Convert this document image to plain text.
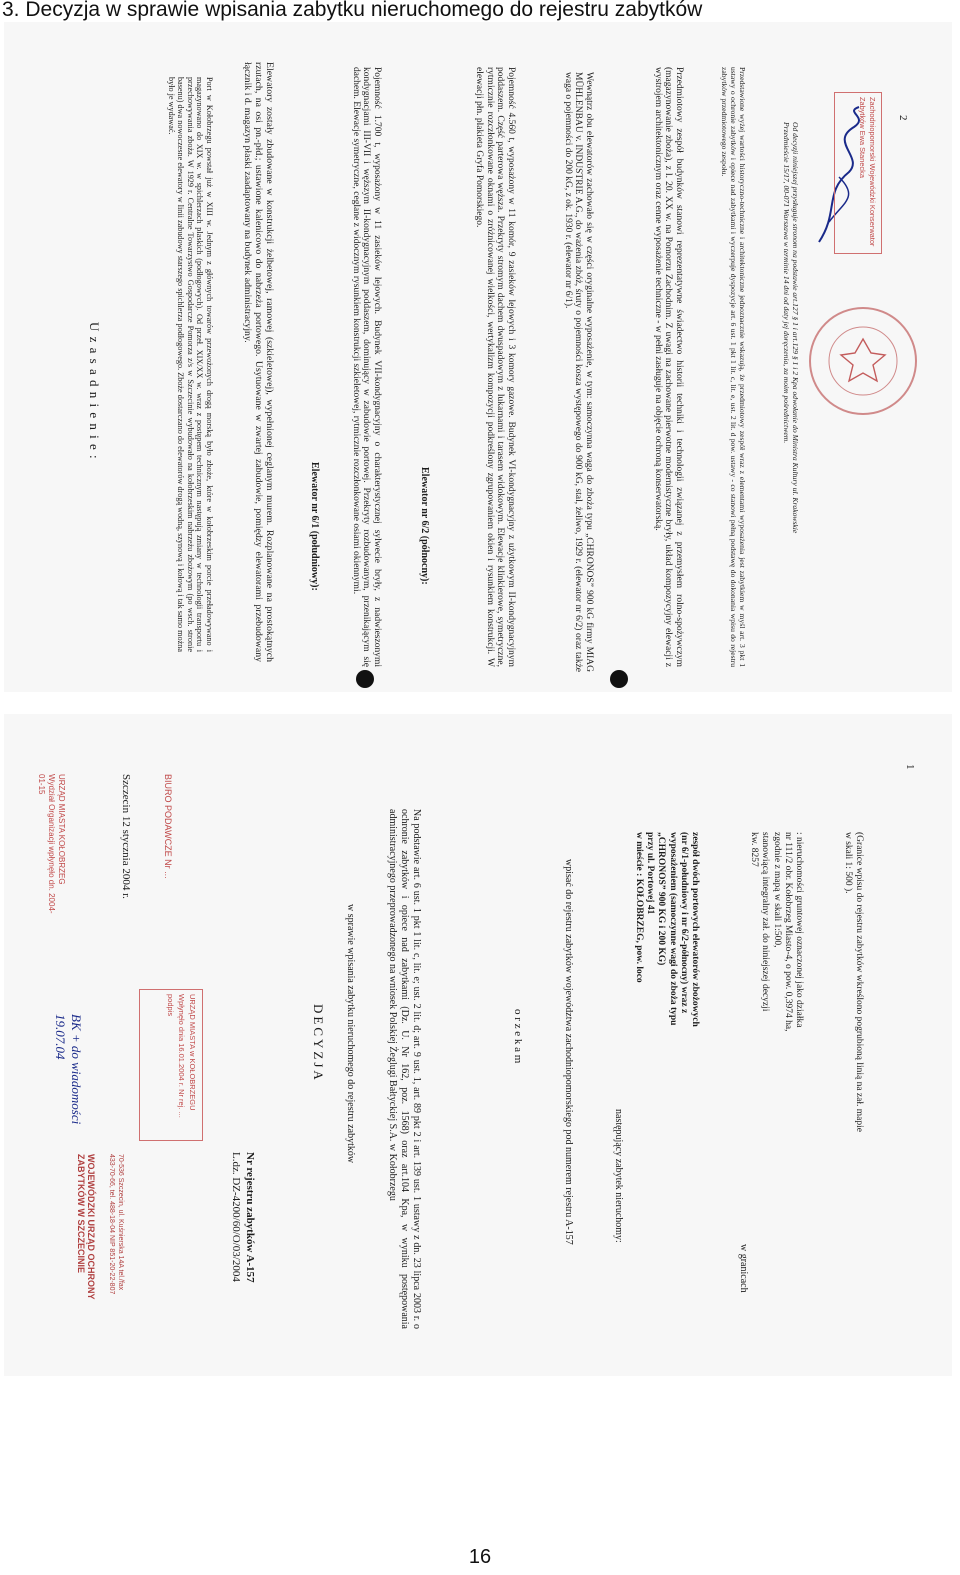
3. Decyzja w sprawie wpisania zabytku nieruchomego do rejestru zabytków
U z a s a d n i e n i e :	Port w Kołobrzegu powstał już w XIII w. Jednym z głównych towarów przewożonych drogą morską było zboże, które w kołobrzeskim porcie przeładowywano i magazynowano do XIX w. w spichlerzach plaskich (podłogowych). Od przeł. XIX/XX w. wraz z postępem technicznym następują zmiany w technologii transportu i przechowywania zboża. W 1929 r. Centralne Towarzystwo Gospodarcze Pomorza z/s w Szczecinie wybudowało na kołobrzeskim nabrzeżu zbożowym (po wsch. stronie basenu) dwa nowoczesne elewatory w linii zabudowy starszego spichlerza podłogowego. Zboże dostarczano do elewatorów drogą wodną, szynową i kołową i tak samo można było je wydawać.	Elewatory zostały zbudowane w konstrukcji żelbetowej, ramowej (szkieletowej), wypełnionej ceglanym murem. Rozplanowane na prostokątnych rzutach, na osi pn.-płd.; ustawione kalenicowo do nabrzeża portowego. Usytuowane w zwartej zabudowie, pomiędzy elewatorami przebudowany łącznik i d. magazyn płaski zaadaptowany na budynek administracyjny.
Elewator nr 6/1 (południowy):	Pojemność 1.700 t, wyposażony w 11 zasieków lejowych. Budynek VII-kondygnacyjny o charakterystycznej sylwecie bryły, z nadwieszonymi kondygnacjami III-VII i węższym II-kondygnacyjnym poddaszem, dominujący w zabudowie portowej. Przekryty rozbudowanym, przenikającym się dachem. Elewacje symetryczne, ceglane z widocznym rysunkiem konstrukcji szkieletowej, rytmicznie rozczłonkowane osiami okiennymi.	Elewator nr 6/2 (północny):	Pojemność 4.560 t, wyposażony w 11 komór, 9 zasieków lejowych i 3 komory gazowe. Budynek VI-kondygnacyjny z użytkowym II-kondygnacyjnym poddaszem. Część parterowa węższa. Przekryty stromym dachem dwuspadowym z lukarnami i tarasem widokowym. Elewacje klinkierowe, symetryczne, rytmicznie rozczłonkowane oknami o zróżnicowanej wielkości, wertykalizm kompozycji podkreślony zgrupowaniem okien i rysunkiem konstrukcji. W elewacji płn. plakieta Gryfa Pomorskiego.	Wewnątrz obu elewatorów zachowało się w części oryginalne wyposażenie, w tym: samoczynna waga do zboża typu „CHRONOS” 900 kG firmy MIAG MÜHLENBAU v. INDUSTRIE A.G., do ważenia zbóż, śruty o pojemności kosza występowego do 900 kG, stal, żeliwo, 1929 r. (elewator nr 6/2) oraz także waga o pojemności do 200 kG, z ok. 1930 r. (elewator nr 6/1).	Przedmiotowy zespół budynków stanowi reprezentatywne świadectwo historii techniki i technologii związanej z przemysłem rolno-spożywczym (magazynowanie zboża), z l. 20. XX w. na Pomorzu Zachodnim. Z uwagi na zachowane pierwotne modernistyczne bryły, układ kompozycyjny elewacji z wystrojem architektonicznym oraz cenne wyposażenie techniczne - w pełni zasługuje na objęcie ochroną konserwatorską.	Przedstawione wyżej wartości historyczno-techniczne i architektoniczne jednoznacznie wskazują, że przedmiotowy zespół wraz z elementami wyposażenia jest zabytkiem w myśl art. 3 pkt 1 ustawy o ochronie zabytków i opiece nad zabytkami i wyczerpuje dyspozycje art. 6 ust. 1 pkt 1 lit. c, lit. e, ust. 2 lit. d pow. ustawy - co stanowi pełną podstawę do dokonania wpisu do rejestru zabytków przedmiotowego zespołu.
Od decyzji niniejszej przysługuje stronom na podstawie art.127 § 1 i art.129 § 1 i 2 Kpa odwołanie do Ministra Kultury ul. Krakowskie Przedmieście 15/17, 00-071 Warszawa w terminie 14 dni od daty jej doręczenia, za moim pośrednictwem.	Zachodniopomorski Wojewódzki Konserwator Zabytków Ewa Stanecka	2
WOJEWÓDZKI URZĄD OCHRONY ZABYTKÓW W SZCZECINIE	70-536 Szczecin, ul. Kuśnierska 14A tel./fax 433-70-66, tel. 488-18-04 NIP 851-20-22-807
BK + do wiadomości 19.07.04	URZĄD MIASTA w KOŁOBRZEGU Wpłynęło dnia 16.01.2004 r. Nr rej. ... podpis
Szczecin 12 stycznia 2004 r.
URZĄD MIASTA KOŁOBRZEG Wydział Organizacji wpłynęło dn. 2004-01-15	BIURO PODAWCZE Nr ...
L.dz. DZ-4200/60/O/03/2004 Nr rejestru zabytków A-157
DECYZJA w sprawie wpisania zabytku nieruchomego do rejestru zabytków	Na podstawie art. 6 ust. 1 pkt 1 lit. c, lit. e; ust. 2 lit. d; art. 9 ust. 1, art. 89 pkt 2 i art. 139 ust. 1 ustawy z dn. 23 lipca 2003 r. o ochronie zabytków i opiece nad zabytkami (Dz. U. Nr 162, poz. 1568) oraz art.104 Kpa, w wyniku postępowania administracyjnego przeprowadzonego na wniosek Polskiej Żeglugi Bałtyckiej S.A. w Kołobrzegu	o r z e k a m	wpisać do rejestru zabytków województwa zachodniopomorskiego pod numerem rejestru A-157	następujący zabytek nieruchomy:

zespół dwóch portowych elewatorów zbożowych

(nr 6/1-południowy i nr 6/2-północny) wraz z

wyposażeniem (samoczynne wagi do zboża typu

„CHRONOS” 900 KG i 200 KG)

przy ul. Portowej 41

w mieście : KOŁOBRZEG, pow. loco

w granicach

: nieruchomości gruntowej oznaczonej jako działka

nr 111/2 obr. Kołobrzeg Miasto-4, o pow. 0,3974 ha,

zgodnie z mapą w skali 1:500,

stanowiącą integralny zał. do niniejszej decyzji

kw. 8257	(Granice wpisu do rejestru zabytków wkreślono pogrubioną linią na zał. mapie w skali 1: 500 ).
1
16
